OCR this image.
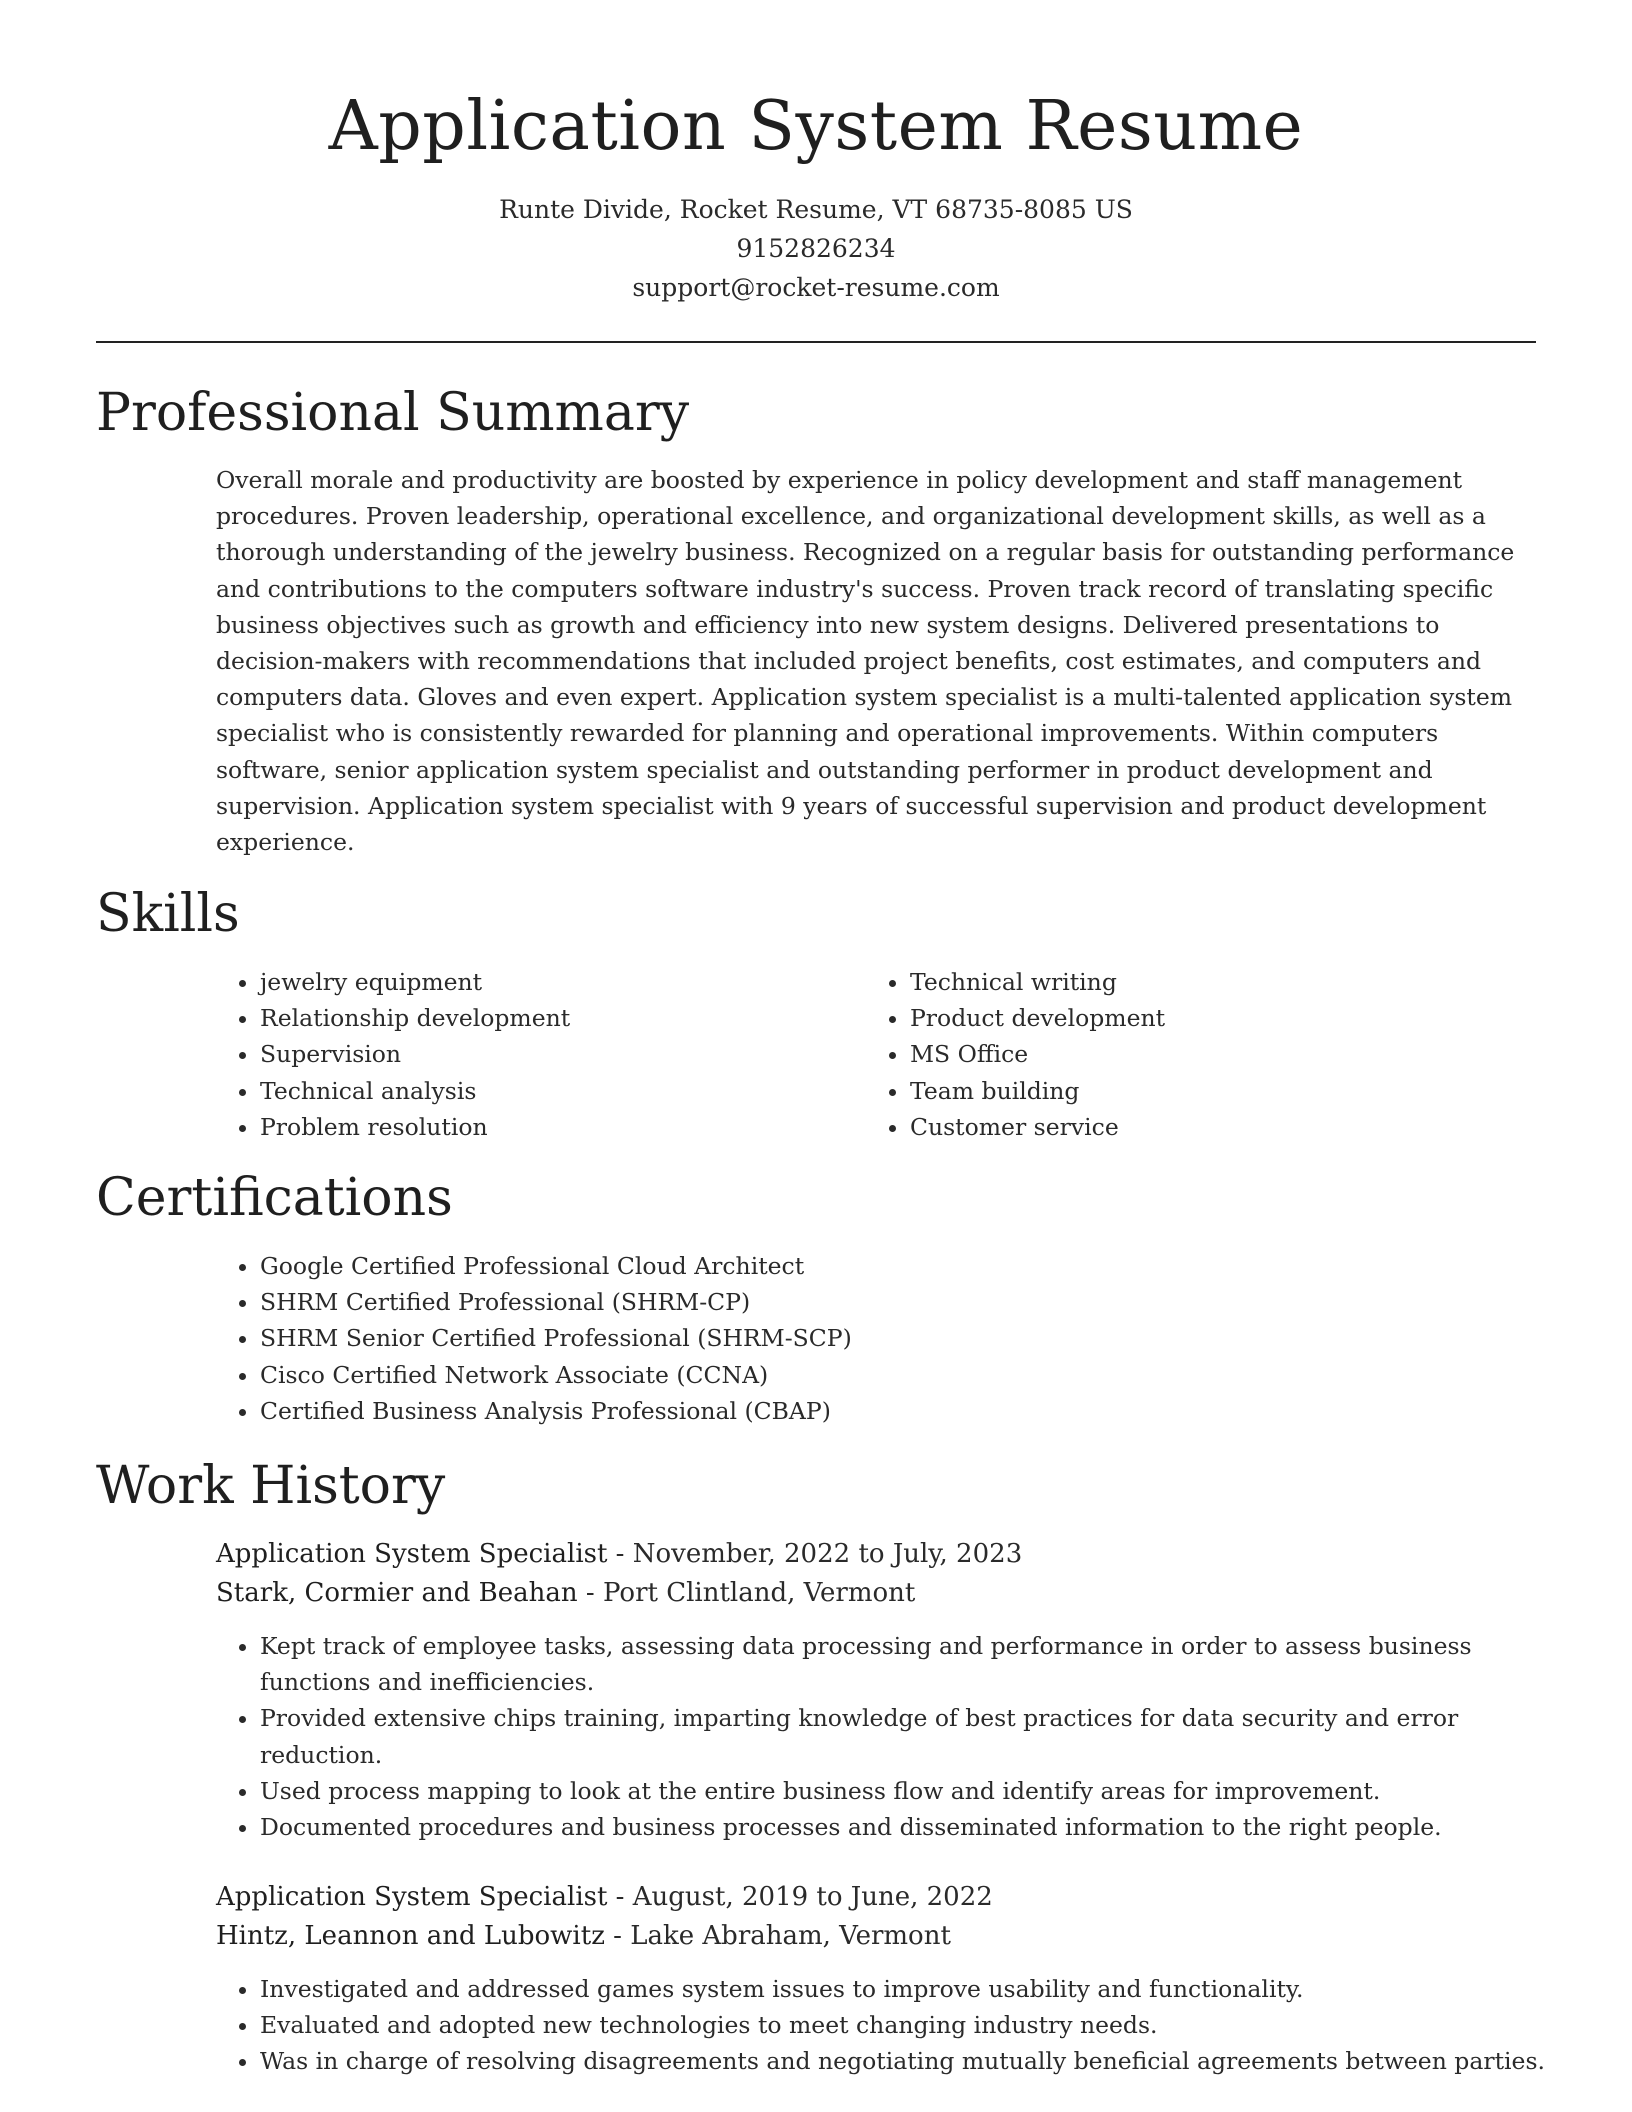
Application System Resume
Runte Divide, Rocket Resume, VT 68735-8085 US
9152826234
support@rocket-resume.com
Professional Summary

Overall morale and productivity are boosted by experience in policy development and staff management procedures. Proven leadership, operational excellence, and organizational development skills, as well as a thorough understanding of the jewelry business. Recognized on a regular basis for outstanding performance and contributions to the computers software industry's success. Proven track record of translating specific business objectives such as growth and efficiency into new system designs. Delivered presentations to decision-makers with recommendations that included project benefits, cost estimates, and computers and computers data. Gloves and even expert. Application system specialist is a multi-talented application system specialist who is consistently rewarded for planning and operational improvements. Within computers software, senior application system specialist and outstanding performer in product development and supervision. Application system specialist with 9 years of successful supervision and product development experience.

Skills
• jewelry equipment
• Relationship development
• Supervision
• Technical analysis
• Problem resolution
• Technical writing
• Product development
• MS Office
• Team building
• Customer service
Certifications
• Google Certified Professional Cloud Architect
• SHRM Certified Professional (SHRM-CP)
• SHRM Senior Certified Professional (SHRM-SCP)
• Cisco Certified Network Associate (CCNA)
• Certified Business Analysis Professional (CBAP)
Work History
Application System Specialist - November, 2022 to July, 2023
Stark, Cormier and Beahan - Port Clintland, Vermont
• Kept track of employee tasks, assessing data processing and performance in order to assess business functions and inefficiencies.
• Provided extensive chips training, imparting knowledge of best practices for data security and error reduction.
• Used process mapping to look at the entire business flow and identify areas for improvement.
• Documented procedures and business processes and disseminated information to the right people.
Application System Specialist - August, 2019 to June, 2022
Hintz, Leannon and Lubowitz - Lake Abraham, Vermont
• Investigated and addressed games system issues to improve usability and functionality.
• Evaluated and adopted new technologies to meet changing industry needs.
• Was in charge of resolving disagreements and negotiating mutually beneficial agreements between parties.
